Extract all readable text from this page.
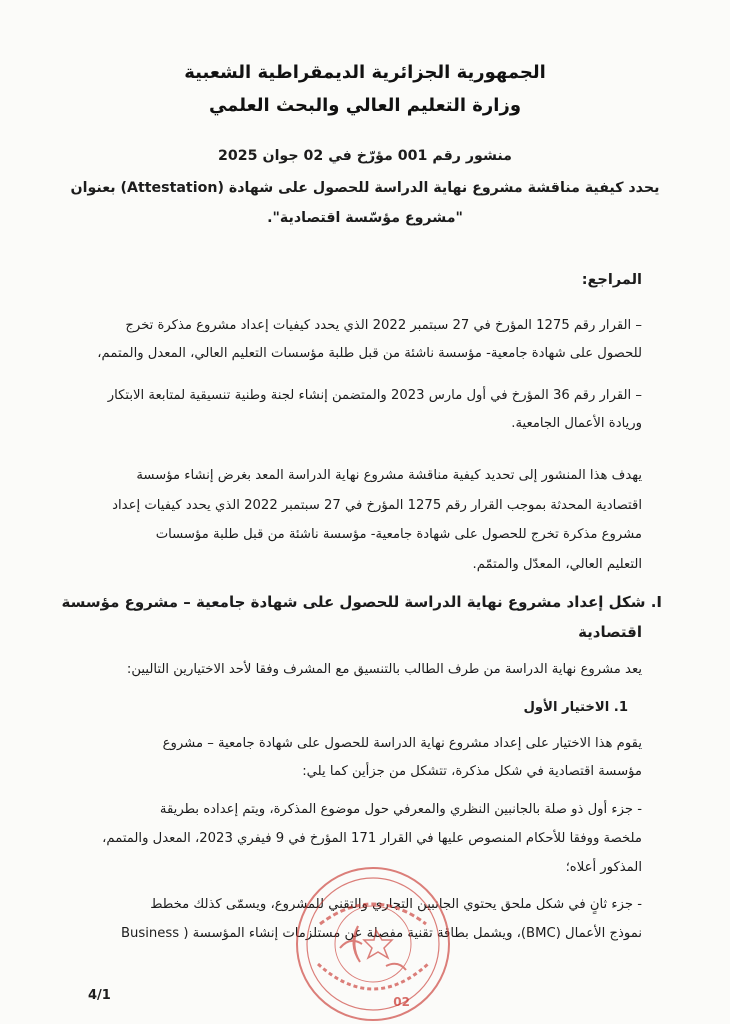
الجمهورية الجزائرية الديمقراطية الشعبية
وزارة التعليم العالي والبحث العلمي
منشور رقم 001 مؤرّخ في 02 جوان 2025
يحدد كيفية مناقشة مشروع نهاية الدراسة للحصول على شهادة (Attestation) بعنوان
"مشروع مؤسّسة اقتصادية".
المراجع:
– القرار رقم 1275 المؤرخ في 27 سبتمبر 2022 الذي يحدد كيفيات إعداد مشروع مذكرة تخرج
للحصول على شهادة جامعية- مؤسسة ناشئة من قبل طلبة مؤسسات التعليم العالي، المعدل والمتمم،
– القرار رقم 36 المؤرخ في أول مارس 2023 والمتضمن إنشاء لجنة وطنية تنسيقية لمتابعة الابتكار
وريادة الأعمال الجامعية.
يهدف هذا المنشور إلى تحديد كيفية مناقشة مشروع نهاية الدراسة المعد بغرض إنشاء مؤسسة
اقتصادية المحدثة بموجب القرار رقم 1275 المؤرخ في 27 سبتمبر 2022 الذي يحدد كيفيات إعداد
مشروع مذكرة تخرج للحصول على شهادة جامعية- مؤسسة ناشئة من قبل طلبة مؤسسات
التعليم العالي، المعدّل والمتمّم.
I. شكل إعداد مشروع نهاية الدراسة للحصول على شهادة جامعية – مشروع مؤسسة
اقتصادية
يعد مشروع نهاية الدراسة من طرف الطالب بالتنسيق مع المشرف وفقا لأحد الاختيارين التاليين:
1. الاختيار الأول
يقوم هذا الاختيار على إعداد مشروع نهاية الدراسة للحصول على شهادة جامعية – مشروع
مؤسسة اقتصادية في شكل مذكرة، تتشكل من جزأين كما يلي:
- جزء أول ذو صلة بالجانبين النظري والمعرفي حول موضوع المذكرة، ويتم إعداده بطريقة
ملخصة ووفقا للأحكام المنصوص عليها في القرار 171 المؤرخ في 9 فيفري 2023، المعدل والمتمم،
المذكور أعلاه؛
- جزء ثانٍ في شكل ملحق يحتوي الجانبين التجاري والتقني للمشروع، ويسمّى كذلك مخطط
نموذج الأعمال (BMC)، ويشمل بطاقة تقنية مفصلة عن مستلزمات إنشاء المؤسسة ( Business
4/1	02
